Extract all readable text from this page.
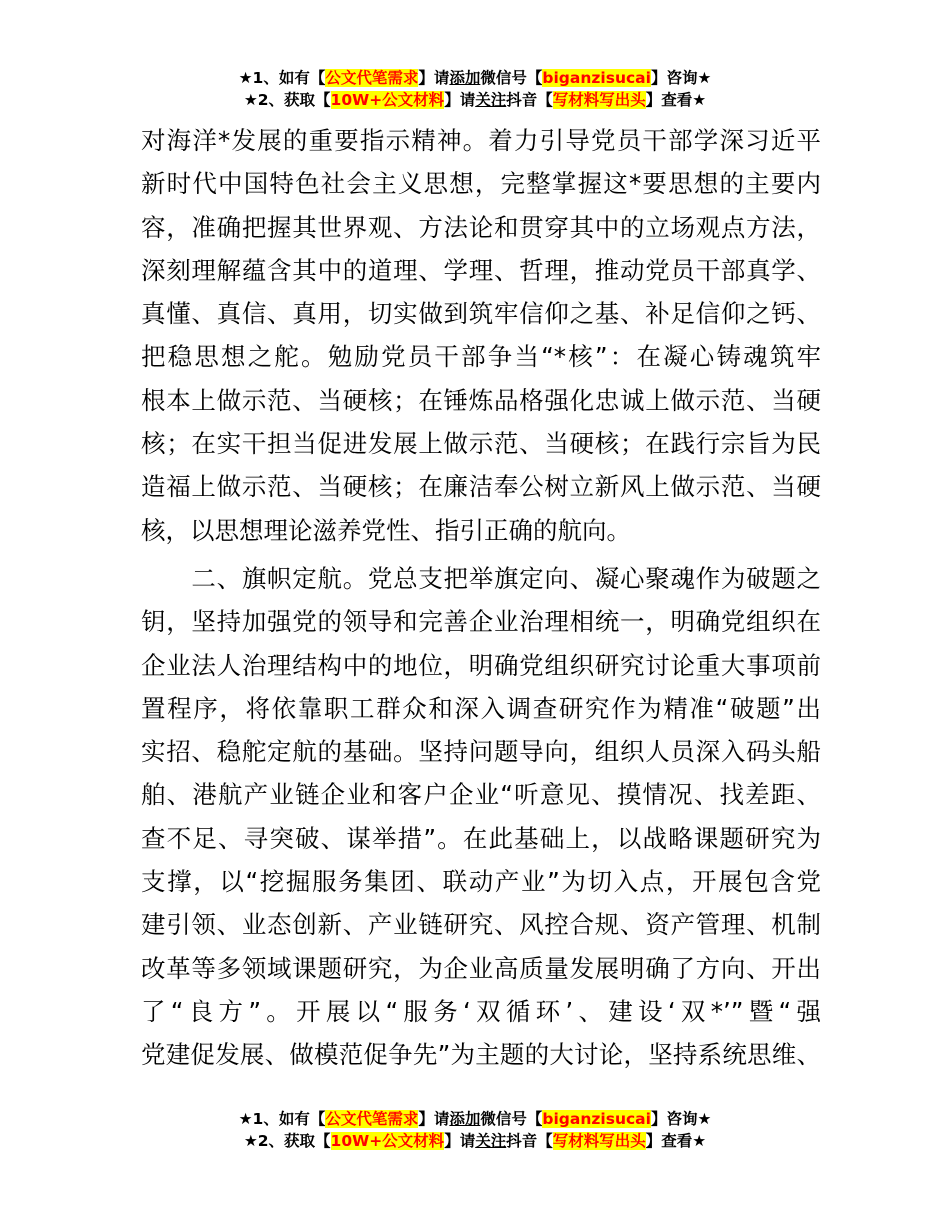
★1、如有【公文代笔需求】请添加微信号【biganzisucai】咨询★
★2、获取【10W+公文材料】请关注抖音【写材料写出头】查看★
对海洋*发展的重要指示精神。着力引导党员干部学深习近平
新时代中国特色社会主义思想，完整掌握这*要思想的主要内
容，准确把握其世界观、方法论和贯穿其中的立场观点方法，
深刻理解蕴含其中的道理、学理、哲理，推动党员干部真学、
真懂、真信、真用，切实做到筑牢信仰之基、补足信仰之钙、
把稳思想之舵。勉励党员干部争当“*核”：在凝心铸魂筑牢
根本上做示范、当硬核；在锤炼品格强化忠诚上做示范、当硬
核；在实干担当促进发展上做示范、当硬核；在践行宗旨为民
造福上做示范、当硬核；在廉洁奉公树立新风上做示范、当硬
核，以思想理论滋养党性、指引正确的航向。
　　二、旗帜定航。党总支把举旗定向、凝心聚魂作为破题之
钥，坚持加强党的领导和完善企业治理相统一，明确党组织在
企业法人治理结构中的地位，明确党组织研究讨论重大事项前
置程序，将依靠职工群众和深入调查研究作为精准“破题”出
实招、稳舵定航的基础。坚持问题导向，组织人员深入码头船
舶、港航产业链企业和客户企业“听意见、摸情况、找差距、
查不足、寻突破、谋举措”。在此基础上，以战略课题研究为
支撑，以“挖掘服务集团、联动产业”为切入点，开展包含党
建引领、业态创新、产业链研究、风控合规、资产管理、机制
改革等多领域课题研究，为企业高质量发展明确了方向、开出
了“良方”。开展以“服务‘双循环’、建设‘双*’”暨“强
党建促发展、做模范促争先”为主题的大讨论，坚持系统思维、
★1、如有【公文代笔需求】请添加微信号【biganzisucai】咨询★
★2、获取【10W+公文材料】请关注抖音【写材料写出头】查看★
